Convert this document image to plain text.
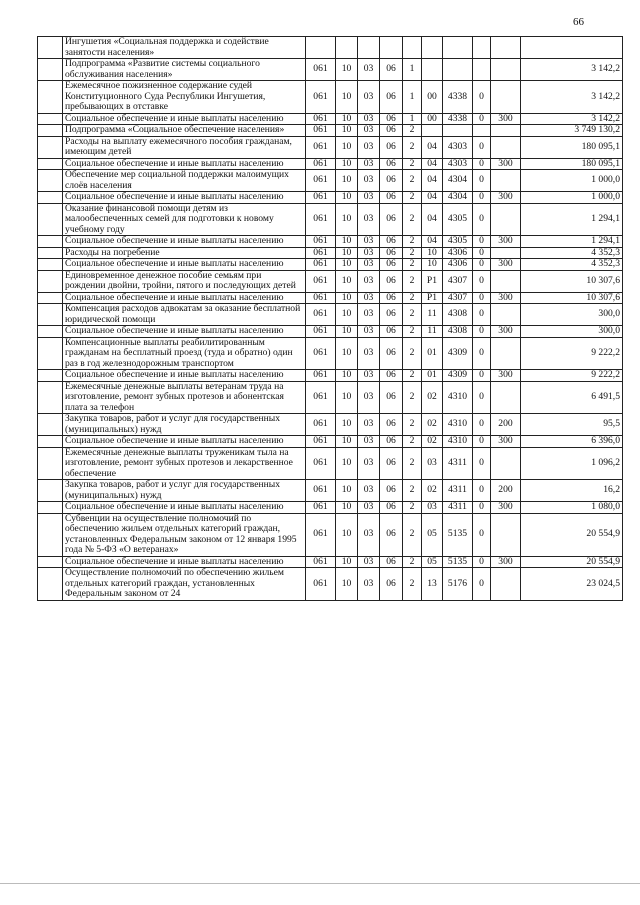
66
	Ингушетия «Социальная поддержка и содействие занятости населения»										
	Подпрограмма «Развитие системы социального обслуживания населения»	061	10	03	06	1					3 142,2
	Ежемесячное пожизненное содержание судей Конституционного Суда Республики Ингушетия, пребывающих в отставке	061	10	03	06	1	00	4338	0		3 142,2
	Социальное обеспечение и иные выплаты населению	061	10	03	06	1	00	4338	0	300	3 142,2
	Подпрограмма «Социальное обеспечение населения»	061	10	03	06	2					3 749 130,2
	Расходы на выплату ежемесячного пособия гражданам, имеющим детей	061	10	03	06	2	04	4303	0		180 095,1
	Социальное обеспечение и иные выплаты населению	061	10	03	06	2	04	4303	0	300	180 095,1
	Обеспечение мер социальной поддержки малоимущих слоёв населения	061	10	03	06	2	04	4304	0		1 000,0
	Социальное обеспечение и иные выплаты населению	061	10	03	06	2	04	4304	0	300	1 000,0
	Оказание финансовой помощи детям из малообеспеченных семей для подготовки к новому учебному году	061	10	03	06	2	04	4305	0		1 294,1
	Социальное обеспечение и иные выплаты населению	061	10	03	06	2	04	4305	0	300	1 294,1
	Расходы на погребение	061	10	03	06	2	10	4306	0		4 352,3
	Социальное обеспечение и иные выплаты населению	061	10	03	06	2	10	4306	0	300	4 352,3
	Единовременное денежное пособие семьям при рождении двойни, тройни, пятого и последующих детей	061	10	03	06	2	P1	4307	0		10 307,6
	Социальное обеспечение и иные выплаты населению	061	10	03	06	2	P1	4307	0	300	10 307,6
	Компенсация расходов адвокатам за оказание бесплатной юридической помощи	061	10	03	06	2	11	4308	0		300,0
	Социальное обеспечение и иные выплаты населению	061	10	03	06	2	11	4308	0	300	300,0
	Компенсационные выплаты реабилитированным гражданам на бесплатный проезд (туда и обратно) один раз в год железнодорожным транспортом	061	10	03	06	2	01	4309	0		9 222,2
	Социальное обеспечение и иные выплаты населению	061	10	03	06	2	01	4309	0	300	9 222,2
	Ежемесячные денежные выплаты ветеранам труда на изготовление, ремонт зубных протезов и абонентская плата за телефон	061	10	03	06	2	02	4310	0		6 491,5
	Закупка товаров, работ и услуг для государственных (муниципальных) нужд	061	10	03	06	2	02	4310	0	200	95,5
	Социальное обеспечение и иные выплаты населению	061	10	03	06	2	02	4310	0	300	6 396,0
	Ежемесячные денежные выплаты труженикам тыла на изготовление, ремонт зубных протезов и лекарственное обеспечение	061	10	03	06	2	03	4311	0		1 096,2
	Закупка товаров, работ и услуг для государственных (муниципальных) нужд	061	10	03	06	2	02	4311	0	200	16,2
	Социальное обеспечение и иные выплаты населению	061	10	03	06	2	03	4311	0	300	1 080,0
	Субвенции на осуществление полномочий по обеспечению жильем отдельных категорий граждан, установленных Федеральным законом от 12 января 1995 года № 5-ФЗ «О ветеранах»	061	10	03	06	2	05	5135	0		20 554,9
	Социальное обеспечение и иные выплаты населению	061	10	03	06	2	05	5135	0	300	20 554,9
	Осуществление полномочий по обеспечению жильем отдельных категорий граждан, установленных Федеральным законом от 24	061	10	03	06	2	13	5176	0		23 024,5
